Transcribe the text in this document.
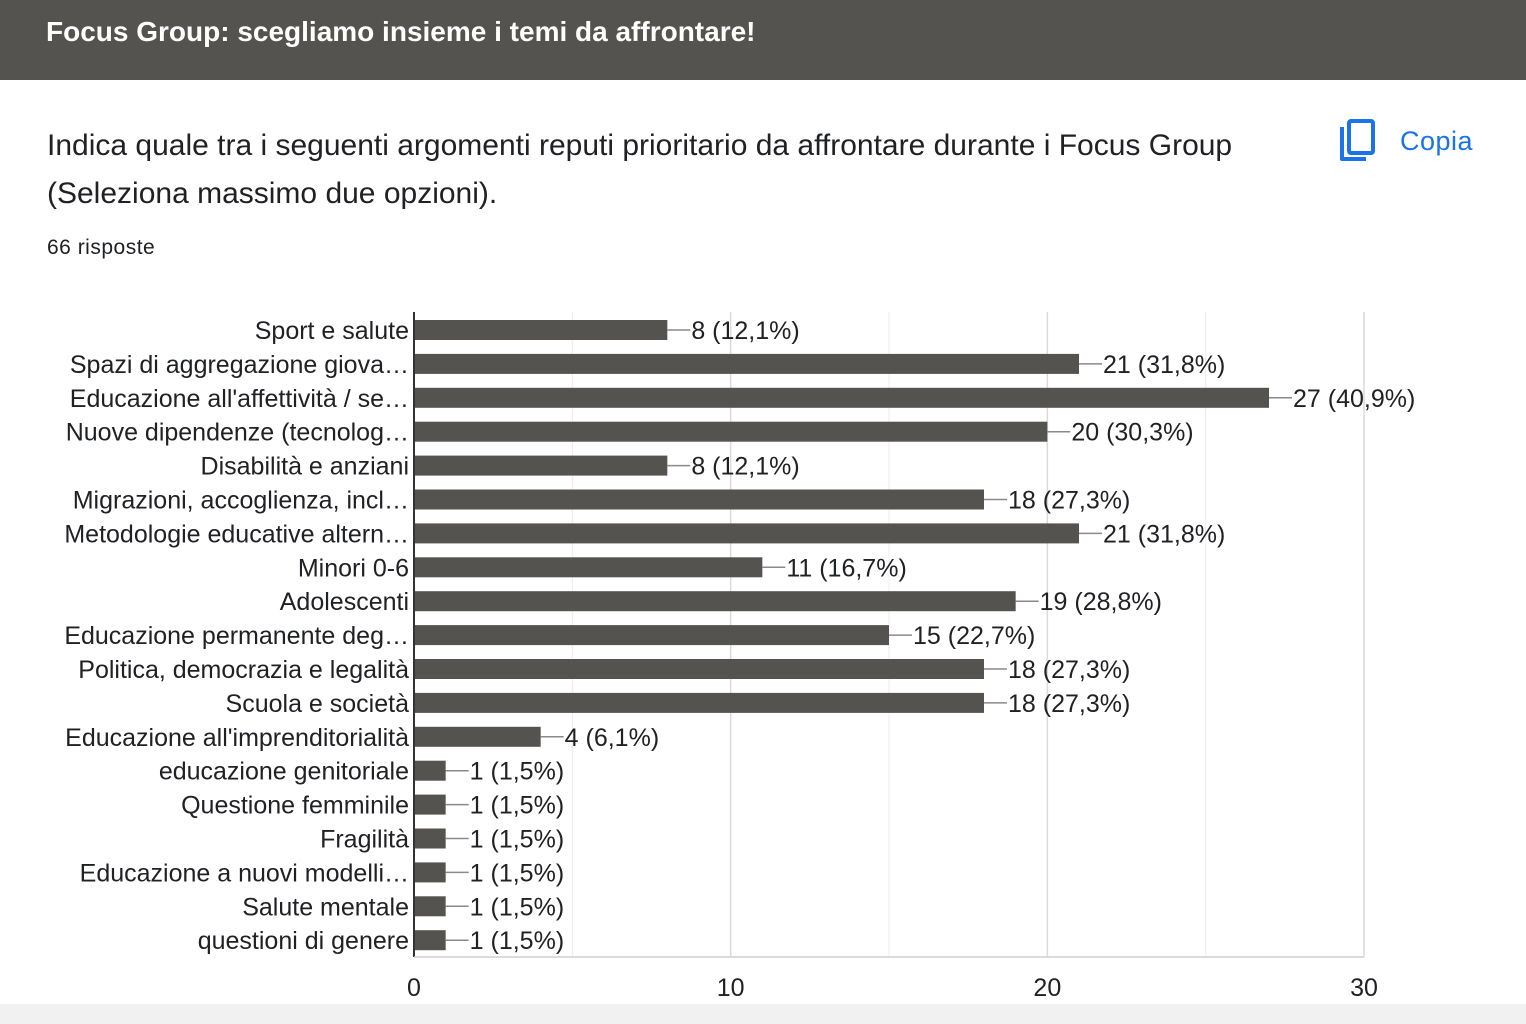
Focus Group: scegliamo insieme i temi da affrontare!
Indica quale tra i seguenti argomenti reputi prioritario da affrontare durante i Focus Group (Seleziona massimo due opzioni).
66 risposte
Copia
8 (12,1%)
Sport e salute
21 (31,8%)
Spazi di aggregazione giova…
27 (40,9%)
Educazione all'affettività / se…
20 (30,3%)
Nuove dipendenze (tecnolog…
8 (12,1%)
Disabilità e anziani
18 (27,3%)
Migrazioni, accoglienza, incl…
21 (31,8%)
Metodologie educative altern…
11 (16,7%)
Minori 0-6
19 (28,8%)
Adolescenti
15 (22,7%)
Educazione permanente deg…
18 (27,3%)
Politica, democrazia e legalità
18 (27,3%)
Scuola e società
4 (6,1%)
Educazione all'imprenditorialità
1 (1,5%)
educazione genitoriale
1 (1,5%)
Questione femminile
1 (1,5%)
Fragilità
1 (1,5%)
Educazione a nuovi modelli…
1 (1,5%)
Salute mentale
1 (1,5%)
questioni di genere
0	10	20	30
